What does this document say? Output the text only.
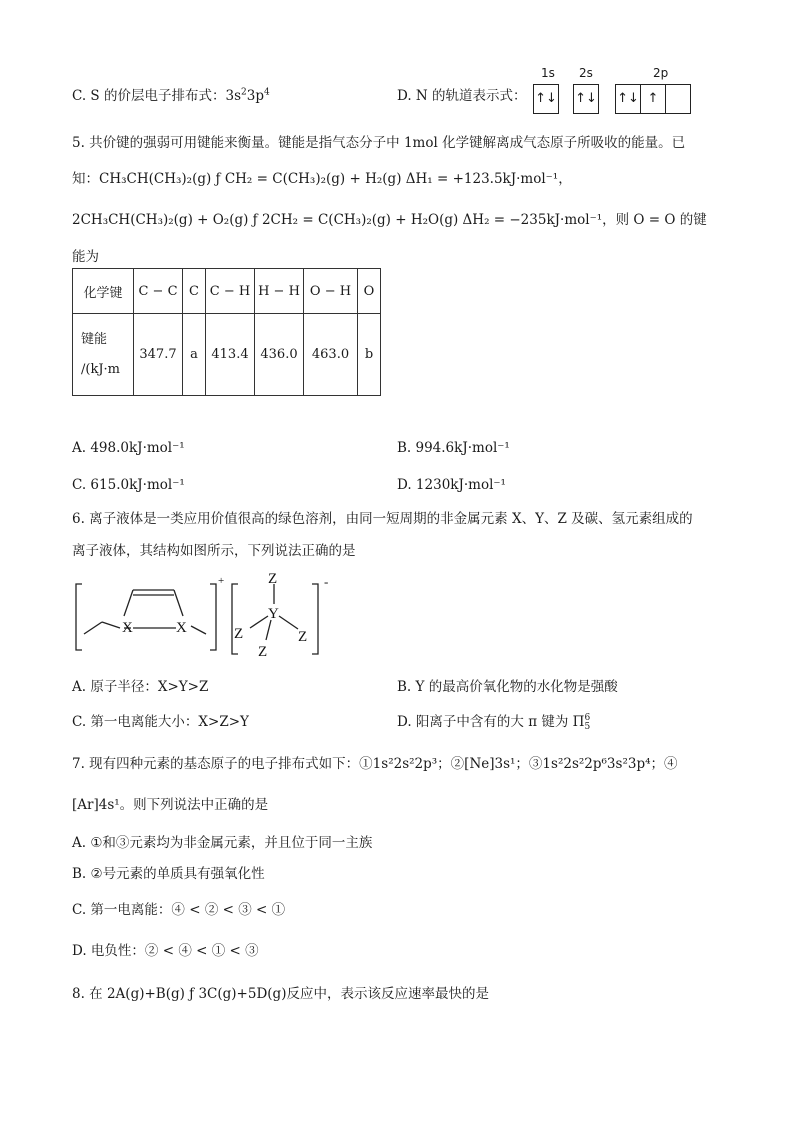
C. S 的价层电子排布式：$3s^23p^4$	D. N 的轨道表示式：
1s 2s	2p
↑↓ ↑↓ ↑↓ ↑
5. 共价键的强弱可用键能来衡量。键能是指气态分子中 1mol 化学键解离成气态原子所吸收的能量。已
知：CH₃CH(CH₃)₂(g) ƒ CH₂ = C(CH₃)₂(g) + H₂(g) ΔH₁ = +123.5kJ·mol⁻¹，
2CH₃CH(CH₃)₂(g) + O₂(g) ƒ 2CH₂ = C(CH₃)₂(g) + H₂O(g) ΔH₂ = −235kJ·mol⁻¹，则 O = O 的键
能为
化学键	C − C	C	C − H	H − H	O − H	O

键能
/(kJ·m	347.7	a	413.4	436.0	463.0	b
A. 498.0kJ·mol⁻¹	B. 994.6kJ·mol⁻¹
C. 615.0kJ·mol⁻¹	D. 1230kJ·mol⁻¹
6. 离子液体是一类应用价值很高的绿色溶剂，由同一短周期的非金属元素 X、Y、Z 及碳、氢元素组成的
离子液体，其结构如图所示，下列说法正确的是
X	X
+	Z
Y
Z	Z
Z
-
A. 原子半径：X>Y>Z	B. Y 的最高价氧化物的水化物是强酸
C. 第一电离能大小：X>Z>Y	D. 阳离子中含有的大 π 键为 Π 6
5
7. 现有四种元素的基态原子的电子排布式如下：①1s²2s²2p³；②[Ne]3s¹；③1s²2s²2p⁶3s²3p⁴；④
[Ar]4s¹。则下列说法中正确的是
A. ①和③元素均为非金属元素，并且位于同一主族
B. ②号元素的单质具有强氧化性
C. 第一电离能：④ < ② < ③ < ①
D. 电负性：② < ④ < ① < ③
8. 在 2A(g)+B(g) ƒ 3C(g)+5D(g)反应中，表示该反应速率最快的是
